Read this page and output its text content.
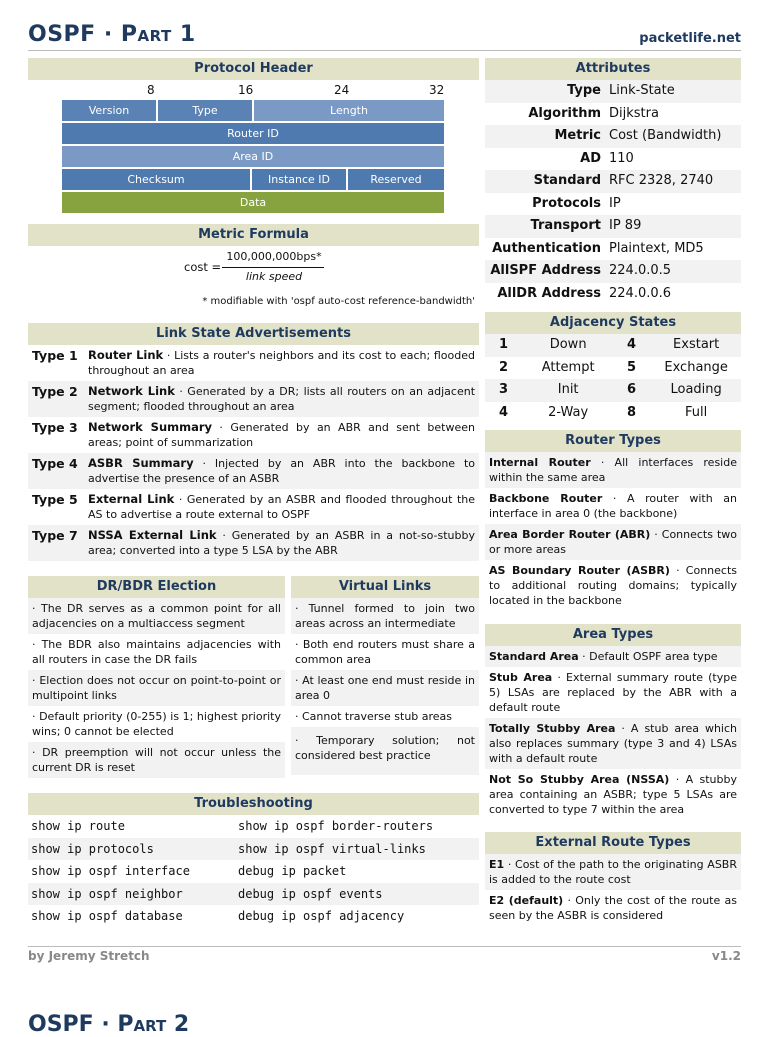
OSPF · Part 1	packetlife.net
Protocol Header
8	16	24	32
Version	Type	Length
Router ID
Area ID
Checksum	Instance ID	Reserved
Data
Metric Formula
cost =
100,000,000bps*
link speed
* modifiable with 'ospf auto-cost reference-bandwidth'
Attributes
Type Link-State
Algorithm Dijkstra
Metric Cost (Bandwidth)
AD 110
Standard RFC 2328, 2740
Protocols IP
Transport IP 89
Authentication Plaintext, MD5
AllSPF Address 224.0.0.5
AllDR Address 224.0.0.6
Link State Advertisements
Type 1 Router Link · Lists a router's neighbors and its cost to each; flooded throughout an area
Type 2 Network Link · Generated by a DR; lists all routers on an adjacent segment; flooded throughout an area
Type 3 Network Summary · Generated by an ABR and sent between areas; point of summarization
Type 4 ASBR Summary · Injected by an ABR into the backbone to advertise the presence of an ASBR
Type 5 External Link · Generated by an ASBR and flooded throughout the AS to advertise a route external to OSPF
Type 7 NSSA External Link · Generated by an ASBR in a not-so-stubby area; converted into a type 5 LSA by the ABR
Adjacency States
1	Down	4	Exstart
2	Attempt	5	Exchange
3	Init	6	Loading
4	2-Way	8	Full
Router Types
Internal Router · All interfaces reside within the same area
Backbone Router · A router with an interface in area 0 (the backbone)
Area Border Router (ABR) · Connects two or more areas
AS Boundary Router (ASBR) · Connects to additional routing domains; typically located in the backbone
Area Types
Standard Area · Default OSPF area type
Stub Area · External summary route (type 5) LSAs are replaced by the ABR with a default route
Totally Stubby Area · A stub area which also replaces summary (type 3 and 4) LSAs with a default route
Not So Stubby Area (NSSA) · A stubby area containing an ASBR; type 5 LSAs are converted to type 7 within the area
External Route Types
E1 · Cost of the path to the originating ASBR is added to the route cost
E2 (default) · Only the cost of the route as seen by the ASBR is considered
DR/BDR Election
· The DR serves as a common point for all adjacencies on a multiaccess segment
· The BDR also maintains adjacencies with all routers in case the DR fails
· Election does not occur on point-to-point or multipoint links
· Default priority (0-255) is 1; highest priority wins; 0 cannot be elected
· DR preemption will not occur unless the current DR is reset
Virtual Links
· Tunnel formed to join two areas across an intermediate
· Both end routers must share a common area
· At least one end must reside in area 0
· Cannot traverse stub areas
· Temporary solution; not considered best practice
Troubleshooting
show ip route	show ip ospf border-routers
show ip protocols	show ip ospf virtual-links
show ip ospf interface	debug ip packet
show ip ospf neighbor	debug ip ospf events
show ip ospf database	debug ip ospf adjacency
by Jeremy Stretch	v1.2
OSPF · Part 2
